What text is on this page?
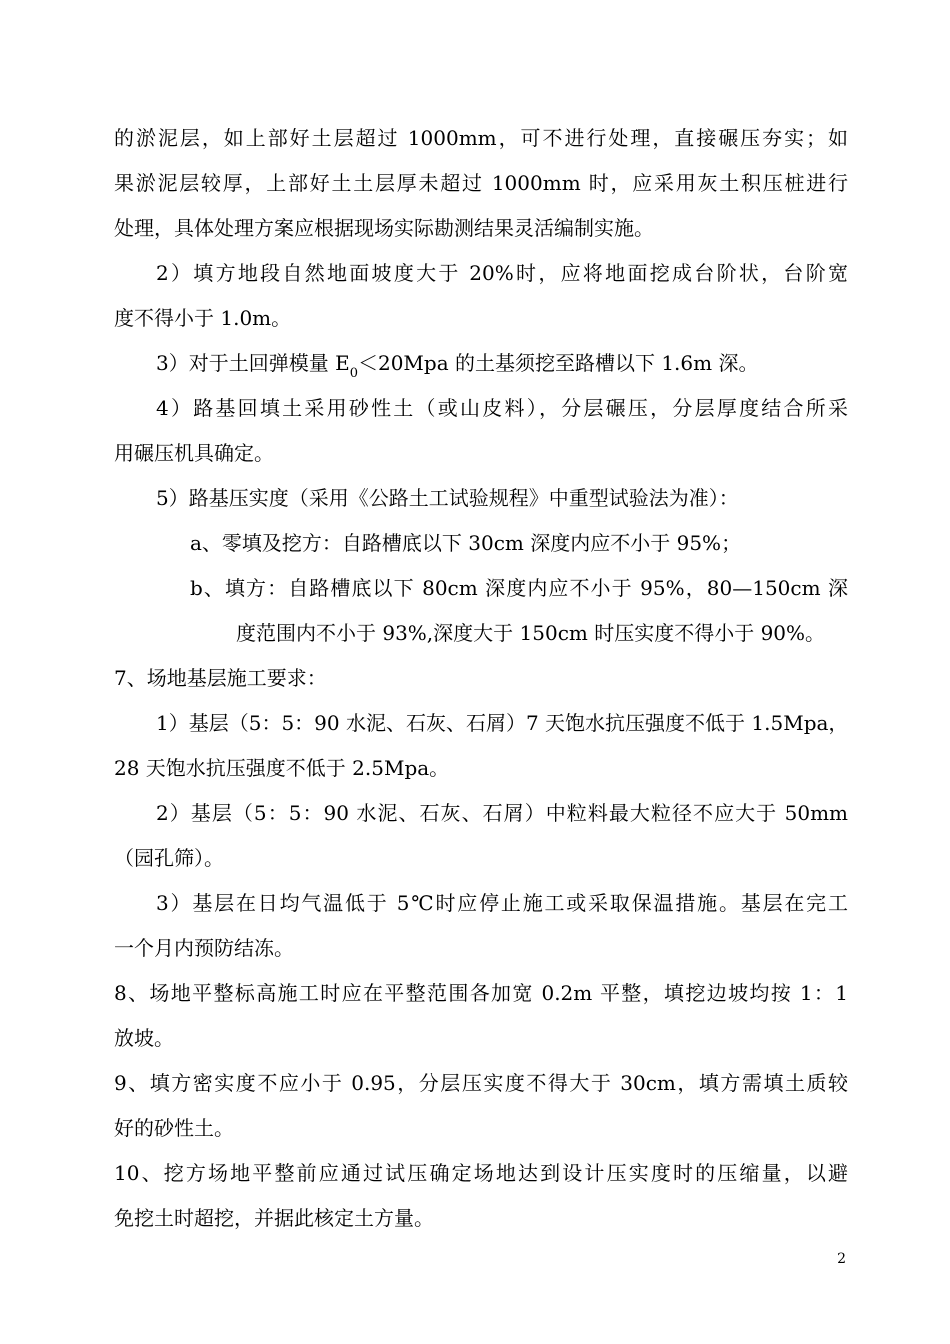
的淤泥层，如上部好土层超过 1000mm，可不进行处理，直接碾压夯实；如
果淤泥层较厚，上部好土土层厚未超过 1000mm 时，应采用灰土积压桩进行
处理，具体处理方案应根据现场实际勘测结果灵活编制实施。
2）填方地段自然地面坡度大于 20%时，应将地面挖成台阶状，台阶宽
度不得小于 1.0m。
3）对于土回弹模量 $E_0<20Mpa$ 的土基须挖至路槽以下 1.6m 深。
4）路基回填土采用砂性土（或山皮料），分层碾压，分层厚度结合所采
用碾压机具确定。
5）路基压实度（采用《公路土工试验规程》中重型试验法为准）：
a、零填及挖方：自路槽底以下 30cm 深度内应不小于 95%；
b、填方：自路槽底以下 80cm 深度内应不小于 95%，80—150cm 深
度范围内不小于 93%,深度大于 150cm 时压实度不得小于 90%。
7、场地基层施工要求：
1）基层（5：5：90 水泥、石灰、石屑）7 天饱水抗压强度不低于 1.5Mpa，
28 天饱水抗压强度不低于 2.5Mpa。
2）基层（5：5：90 水泥、石灰、石屑）中粒料最大粒径不应大于 50mm
（园孔筛）。
3）基层在日均气温低于 5℃时应停止施工或采取保温措施。基层在完工
一个月内预防结冻。
8、场地平整标高施工时应在平整范围各加宽 0.2m 平整，填挖边坡均按 1：1
放坡。
9、填方密实度不应小于 0.95，分层压实度不得大于 30cm，填方需填土质较
好的砂性土。
10、挖方场地平整前应通过试压确定场地达到设计压实度时的压缩量，以避
免挖土时超挖，并据此核定土方量。
2
